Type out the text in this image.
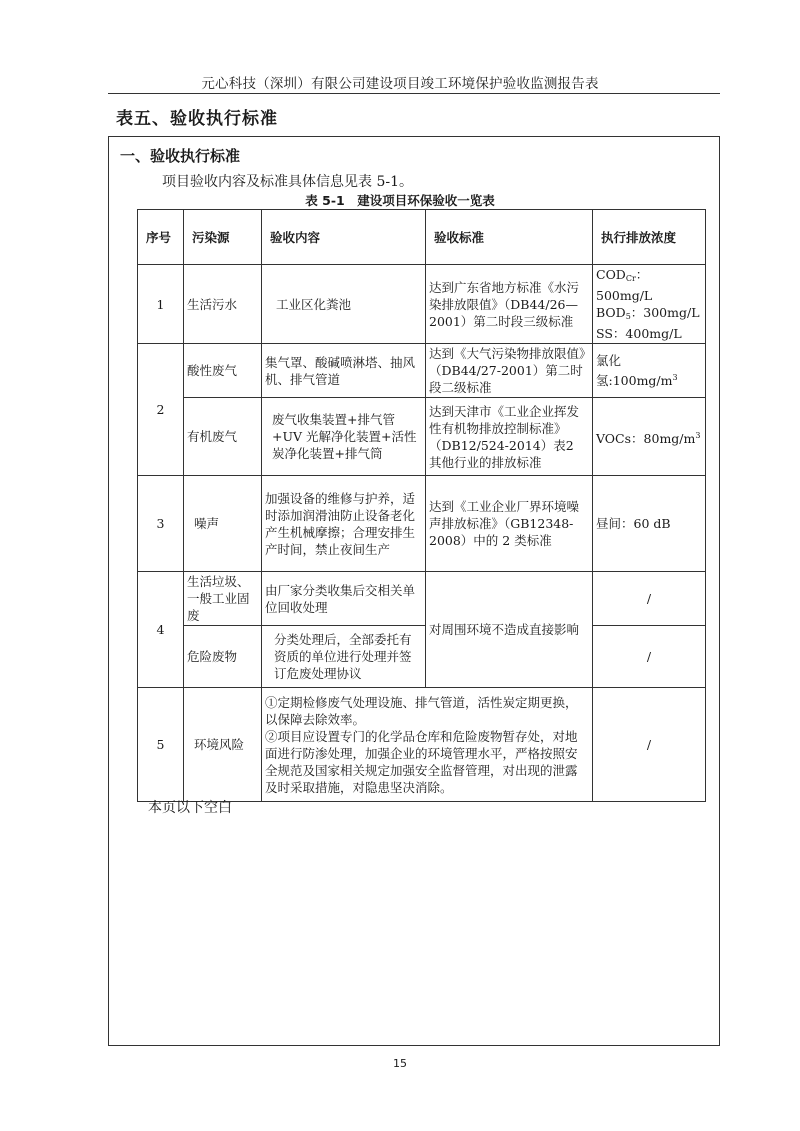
元心科技（深圳）有限公司建设项目竣工环境保护验收监测报告表
表五、验收执行标准
一、验收执行标准
项目验收内容及标准具体信息见表 5-1。
表 5-1　建设项目环保验收一览表
序号	污染源	验收内容	验收标准	执行排放浓度
1	生活污水	工业区化粪池	达到广东省地方标准《水污染排放限值》（DB44/26—2001）第二时段三级标准	$COD_{Cr}$：500mg/L
$BOD_5$：300mg/L
SS：400mg/L

2	酸性废气	集气罩、酸碱喷淋塔、抽风机、排气管道	达到《大气污染物排放限值》（DB44/27-2001）第二时段二级标准	氯化氢$:100mg/m^3$
	有机废气	废气收集装置+排气管+UV 光解净化装置+活性炭净化装置+排气筒	达到天津市《工业企业挥发性有机物排放控制标准》（DB12/524-2014）表2 其他行业的排放标准	VOCs：$80mg/m^3$
3	噪声	加强设备的维修与护养，适时添加润滑油防止设备老化产生机械摩擦；合理安排生产时间，禁止夜间生产	达到《工业企业厂界环境噪声排放标准》（GB12348-2008）中的 2 类标准	昼间：60 dB
4	生活垃圾、一般工业固废	由厂家分类收集后交相关单位回收处理	对周围环境不造成直接影响	/
	危险废物	分类处理后，全部委托有资质的单位进行处理并签订危废处理协议		/
5	环境风险	①定期检修废气处理设施、排气管道，活性炭定期更换，以保障去除效率。
②项目应设置专门的化学品仓库和危险废物暂存处，对地面进行防渗处理，加强企业的环境管理水平，严格按照安全规范及国家相关规定加强安全监督管理，对出现的泄露及时采取措施，对隐患坚决消除。		/
本页以下空白
15
